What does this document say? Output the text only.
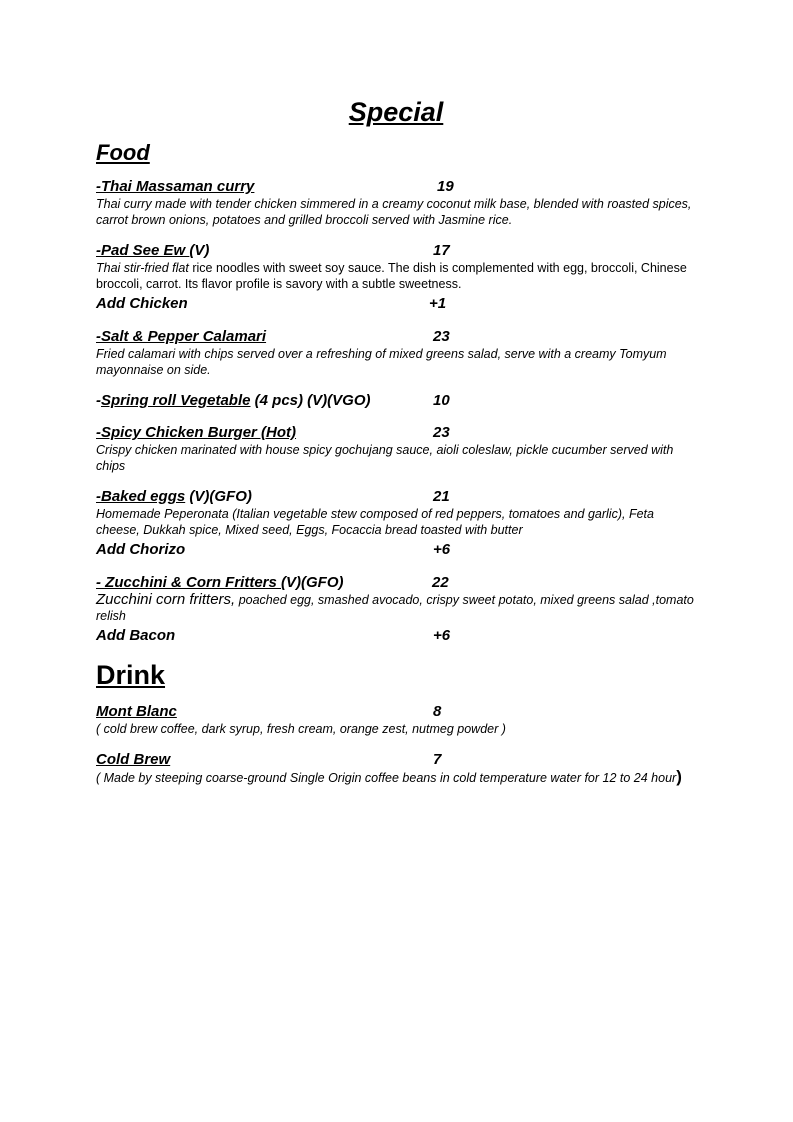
Special
Food
-Thai Massaman curry	19
Thai curry made with tender chicken simmered in a creamy coconut milk base, blended with roasted spices, carrot brown onions, potatoes and grilled broccoli served with Jasmine rice.
-Pad See Ew (V)	17
Thai stir-fried flat rice noodles with sweet soy sauce. The dish is complemented with egg, broccoli, Chinese broccoli, carrot. Its flavor profile is savory with a subtle sweetness.
Add Chicken	+1
-Salt & Pepper Calamari	23
Fried calamari with chips served over a refreshing of mixed greens salad, serve with a creamy Tomyum mayonnaise on side.
-Spring roll Vegetable (4 pcs) (V)(VGO)	10
-Spicy Chicken Burger (Hot)	23
Crispy chicken marinated with house spicy gochujang sauce, aioli coleslaw, pickle cucumber served with chips
-Baked eggs (V)(GFO)	21
Homemade Peperonata (Italian vegetable stew composed of red peppers, tomatoes and garlic), Feta cheese, Dukkah spice, Mixed seed, Eggs, Focaccia bread toasted with butter
Add Chorizo	+6
- Zucchini & Corn Fritters (V)(GFO)	22
Zucchini corn fritters, poached egg, smashed avocado, crispy sweet potato, mixed greens salad ,tomato relish
Add Bacon	+6
Drink
Mont Blanc	8
( cold brew coffee, dark syrup, fresh cream, orange zest, nutmeg powder )
Cold Brew	7
( Made by steeping coarse-ground Single Origin coffee beans in cold temperature water for 12 to 24 hour)
